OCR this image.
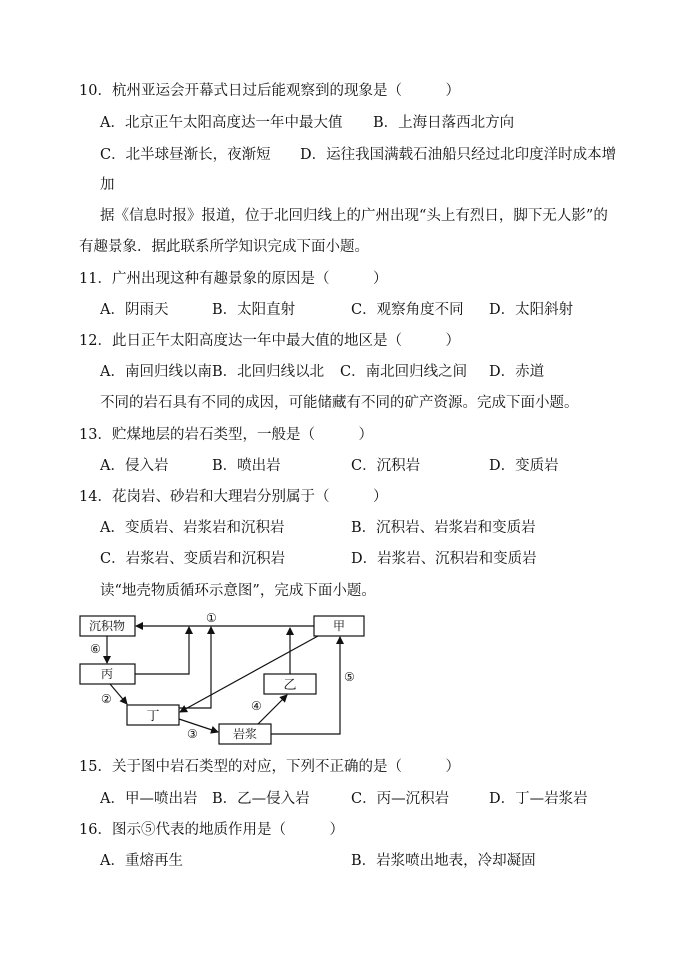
10．杭州亚运会开幕式日过后能观察到的现象是（　　　）
A．北京正午太阳高度达一年中最大值 B．上海日落西北方向
C．北半球昼渐长，夜渐短 D．运往我国满载石油船只经过北印度洋时成本增
加
据《信息时报》报道，位于北回归线上的广州出现“头上有烈日，脚下无人影”的
有趣景象．据此联系所学知识完成下面小题。
11．广州出现这种有趣景象的原因是（　　　）
A．阴雨天	B．太阳直射	C．观察角度不同 D．太阳斜射
12．此日正午太阳高度达一年中最大值的地区是（　　　）
A．南回归线以南 B．北回归线以北 C．南北回归线之间 D．赤道
不同的岩石具有不同的成因，可能储藏有不同的矿产资源。完成下面小题。
13．贮煤地层的岩石类型，一般是（　　　）
A．侵入岩	B．喷出岩	C．沉积岩	D．变质岩
14．花岗岩、砂岩和大理岩分别属于（　　　）
A．变质岩、岩浆岩和沉积岩	B．沉积岩、岩浆岩和变质岩
C．岩浆岩、变质岩和沉积岩	D．岩浆岩、沉积岩和变质岩
读“地壳物质循环示意图”，完成下面小题。
沉积物	甲
丙
乙
丁
岩浆
①
②
③
④
⑤
⑥
15．关于图中岩石类型的对应，下列不正确的是（　　　）
A．甲—喷出岩 B．乙—侵入岩	C．丙—沉积岩	D．丁—岩浆岩
16．图示⑤代表的地质作用是（　　　）
A．重熔再生	B．岩浆喷出地表，冷却凝固
